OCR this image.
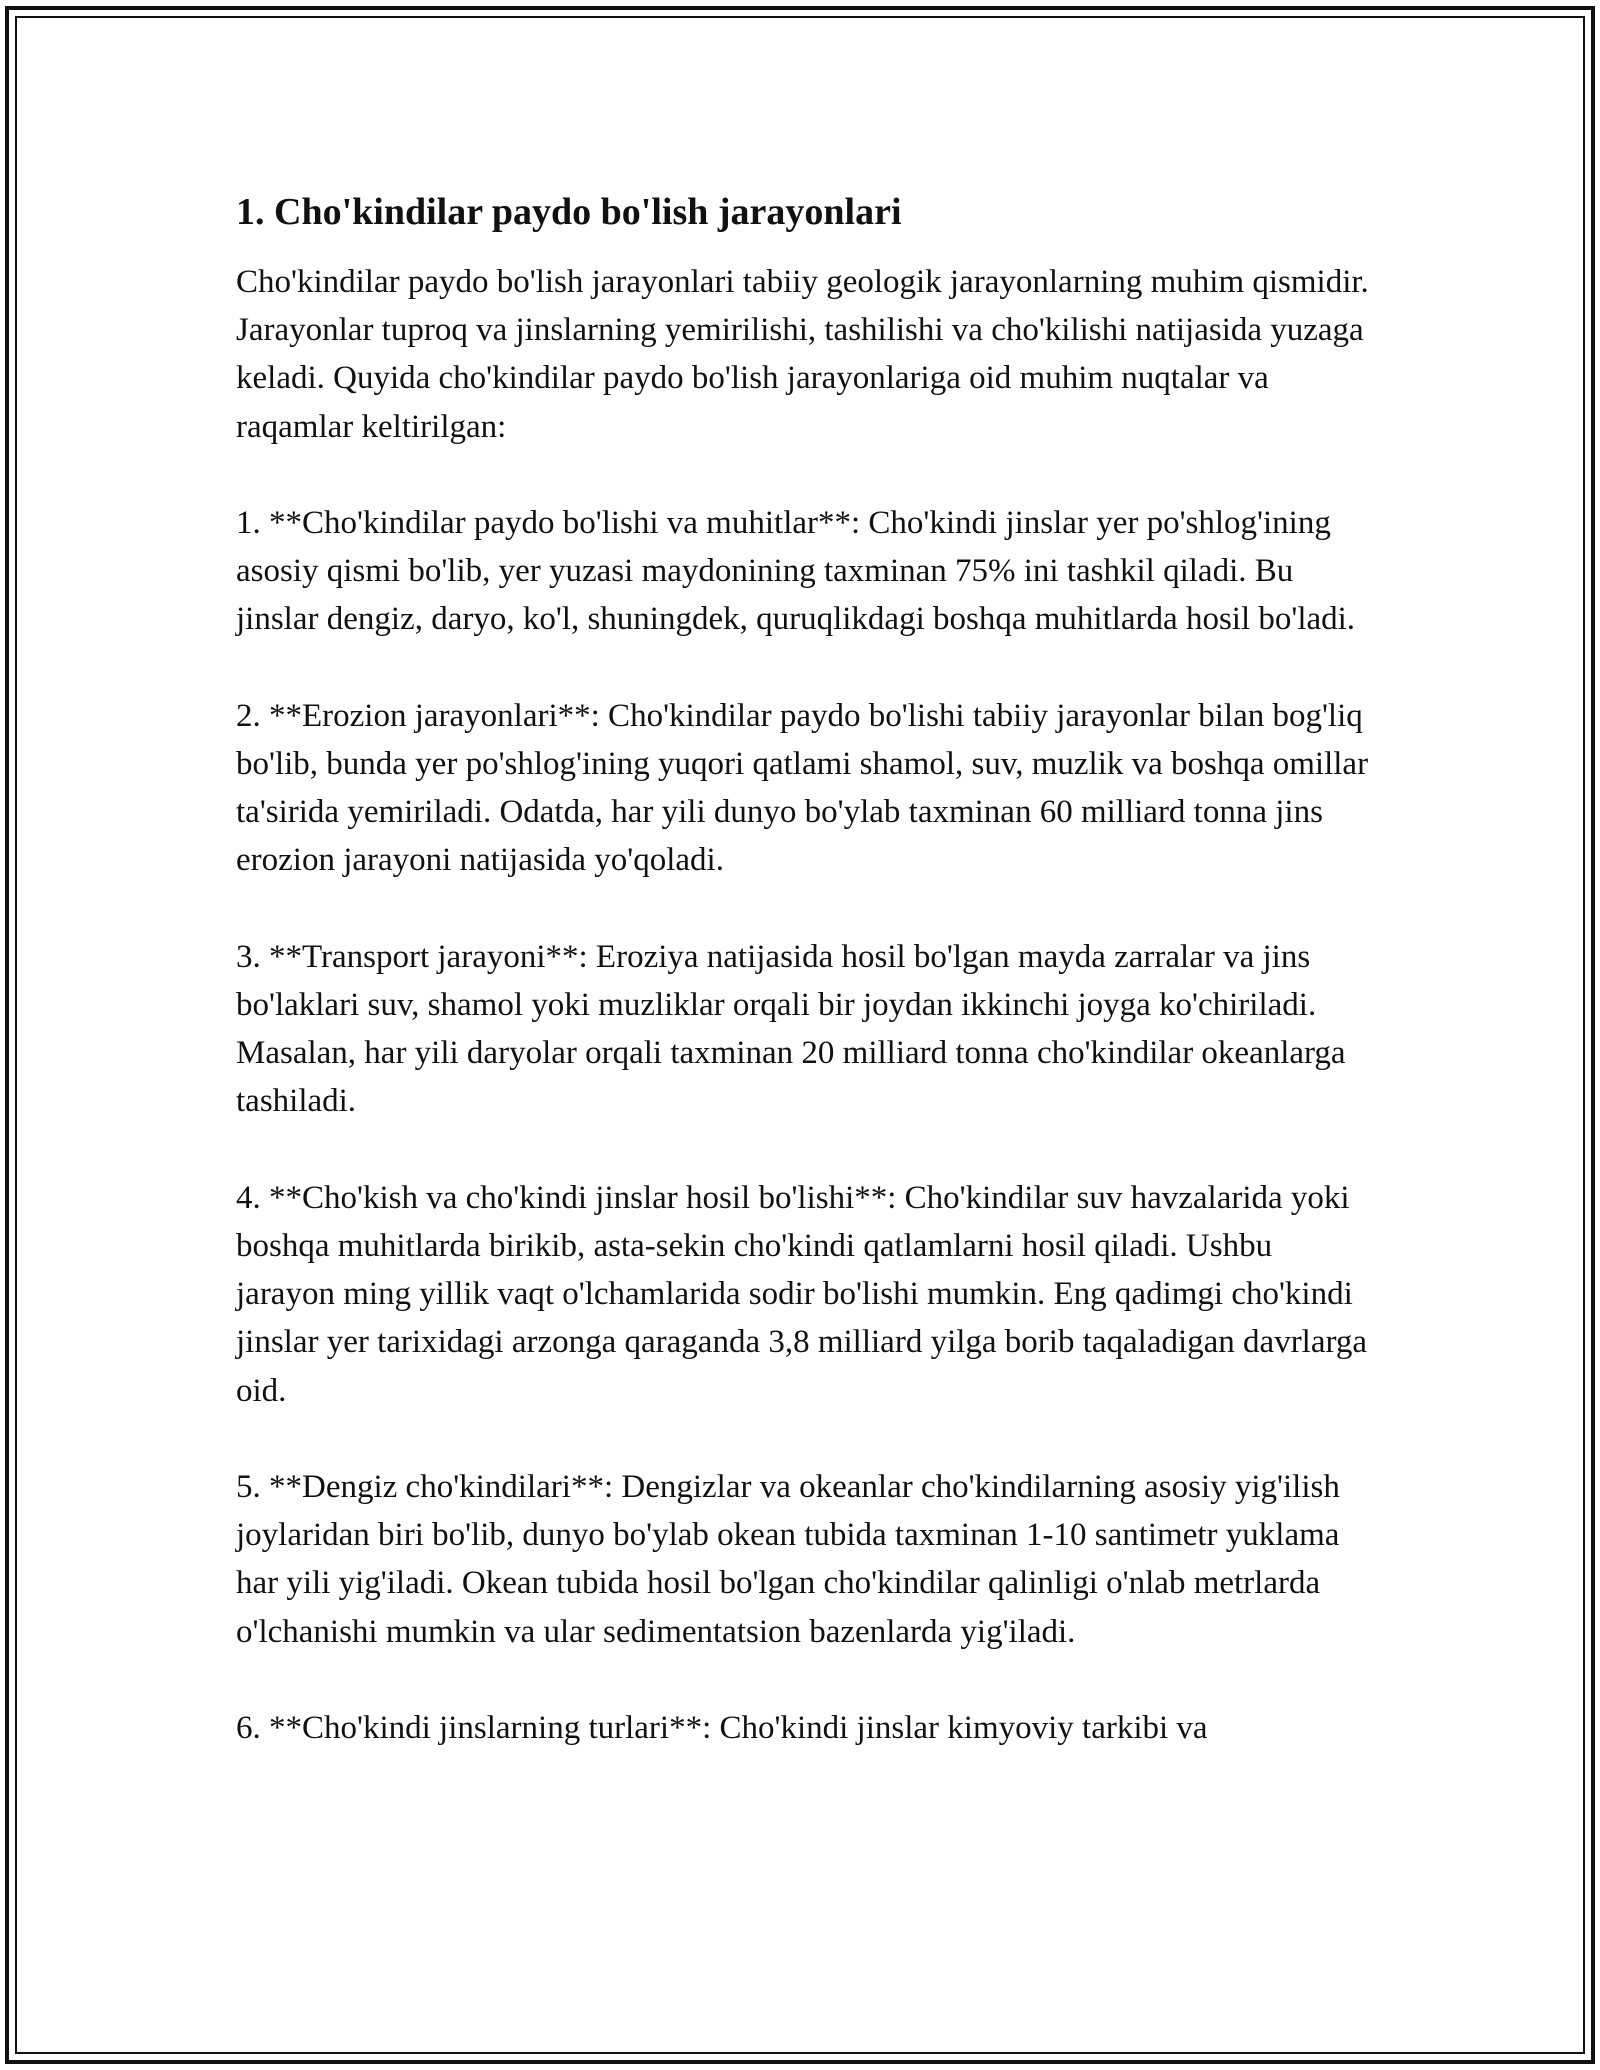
1. Cho'kindilar paydo bo'lish jarayonlari

Cho'kindilar paydo bo'lish jarayonlari tabiiy geologik jarayonlarning muhim qismidir. Jarayonlar tuproq va jinslarning yemirilishi, tashilishi va cho'kilishi natijasida yuzaga keladi. Quyida cho'kindilar paydo bo'lish jarayonlariga oid muhim nuqtalar va raqamlar keltirilgan:

1. **Cho'kindilar paydo bo'lishi va muhitlar**: Cho'kindi jinslar yer po'shlog'ining asosiy qismi bo'lib, yer yuzasi maydonining taxminan 75% ini tashkil qiladi. Bu jinslar dengiz, daryo, ko'l, shuningdek, quruqlikdagi boshqa muhitlarda hosil bo'ladi.

2. **Erozion jarayonlari**: Cho'kindilar paydo bo'lishi tabiiy jarayonlar bilan bog'liq bo'lib, bunda yer po'shlog'ining yuqori qatlami shamol, suv, muzlik va boshqa omillar ta'sirida yemiriladi. Odatda, har yili dunyo bo'ylab taxminan 60 milliard tonna jins erozion jarayoni natijasida yo'qoladi.

3. **Transport jarayoni**: Eroziya natijasida hosil bo'lgan mayda zarralar va jins bo'laklari suv, shamol yoki muzliklar orqali bir joydan ikkinchi joyga ko'chiriladi. Masalan, har yili daryolar orqali taxminan 20 milliard tonna cho'kindilar okeanlarga tashiladi.

4. **Cho'kish va cho'kindi jinslar hosil bo'lishi**: Cho'kindilar suv havzalarida yoki boshqa muhitlarda birikib, asta-sekin cho'kindi qatlamlarni hosil qiladi. Ushbu jarayon ming yillik vaqt o'lchamlarida sodir bo'lishi mumkin. Eng qadimgi cho'kindi jinslar yer tarixidagi arzonga qaraganda 3,8 milliard yilga borib taqaladigan davrlarga oid.

5. **Dengiz cho'kindilari**: Dengizlar va okeanlar cho'kindilarning asosiy yig'ilish joylaridan biri bo'lib, dunyo bo'ylab okean tubida taxminan 1-10 santimetr yuklama har yili yig'iladi. Okean tubida hosil bo'lgan cho'kindilar qalinligi o'nlab metrlarda o'lchanishi mumkin va ular sedimentatsion bazenlarda yig'iladi.

6. **Cho'kindi jinslarning turlari**: Cho'kindi jinslar kimyoviy tarkibi va
